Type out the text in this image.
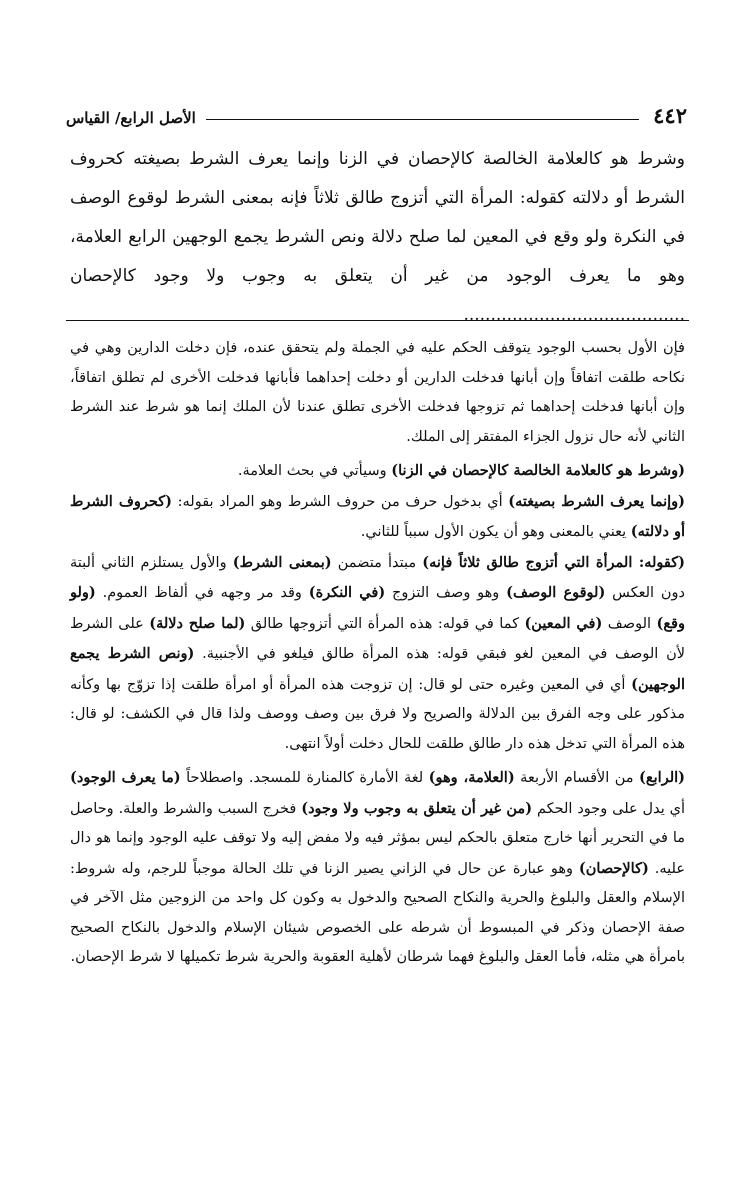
٤٤٢
الأصل الرابع/ القياس

وشرط هو كالعلامة الخالصة كالإحصان في الزنا وإنما يعرف الشرط بصيغته كحروف الشرط أو دلالته كقوله: المرأة التي أتزوج طالق ثلاثاً فإنه بمعنى الشرط لوقوع الوصف في النكرة ولو وقع في المعين لما صلح دلالة ونص الشرط يجمع الوجهين الرابع العلامة، وهو ما يعرف الوجود من غير أن يتعلق به وجوب ولا وجود كالإحصان .........................................

فإن الأول بحسب الوجود يتوقف الحكم عليه في الجملة ولم يتحقق عنده، فإن دخلت الدارين وهي في نكاحه طلقت اتفاقاً وإن أبانها فدخلت الدارين أو دخلت إحداهما فأبانها فدخلت الأخرى لم تطلق اتفاقاً، وإن أبانها فدخلت إحداهما ثم تزوجها فدخلت الأخرى تطلق عندنا لأن الملك إنما هو شرط عند الشرط الثاني لأنه حال نزول الجزاء المفتقر إلى الملك.

(وشرط هو كالعلامة الخالصة كالإحصان في الزنا) وسيأتي في بحث العلامة.

(وإنما يعرف الشرط بصيغته) أي بدخول حرف من حروف الشرط وهو المراد بقوله: (كحروف الشرط أو دلالته) يعني بالمعنى وهو أن يكون الأول سبباً للثاني.

(كقوله: المرأة التي أتزوج طالق ثلاثاً فإنه) مبتدأ متضمن (بمعنى الشرط) والأول يستلزم الثاني ألبتة دون العكس (لوقوع الوصف) وهو وصف التزوج (في النكرة) وقد مر وجهه في ألفاظ العموم. (ولو وقع) الوصف (في المعين) كما في قوله: هذه المرأة التي أتزوجها طالق (لما صلح دلالة) على الشرط لأن الوصف في المعين لغو فبقي قوله: هذه المرأة طالق فيلغو في الأجنبية. (ونص الشرط يجمع الوجهين) أي في المعين وغيره حتى لو قال: إن تزوجت هذه المرأة أو امرأة طلقت إذا تزوّج بها وكأنه مذكور على وجه الفرق بين الدلالة والصريح ولا فرق بين وصف ووصف ولذا قال في الكشف: لو قال: هذه المرأة التي تدخل هذه دار طالق طلقت للحال دخلت أولاً انتهى.

(الرابع) من الأقسام الأربعة (العلامة، وهو) لغة الأمارة كالمنارة للمسجد. واصطلاحاً (ما يعرف الوجود) أي يدل على وجود الحكم (من غير أن يتعلق به وجوب ولا وجود) فخرج السبب والشرط والعلة. وحاصل ما في التحرير أنها خارج متعلق بالحكم ليس بمؤثر فيه ولا مفض إليه ولا توقف عليه الوجود وإنما هو دال عليه. (كالإحصان) وهو عبارة عن حال في الزاني يصير الزنا في تلك الحالة موجباً للرجم، وله شروط: الإسلام والعقل والبلوغ والحرية والنكاح الصحيح والدخول به وكون كل واحد من الزوجين مثل الآخر في صفة الإحصان وذكر في المبسوط أن شرطه على الخصوص شيئان الإسلام والدخول بالنكاح الصحيح بامرأة هي مثله، فأما العقل والبلوغ فهما شرطان لأهلية العقوبة والحرية شرط تكميلها لا شرط الإحصان.
